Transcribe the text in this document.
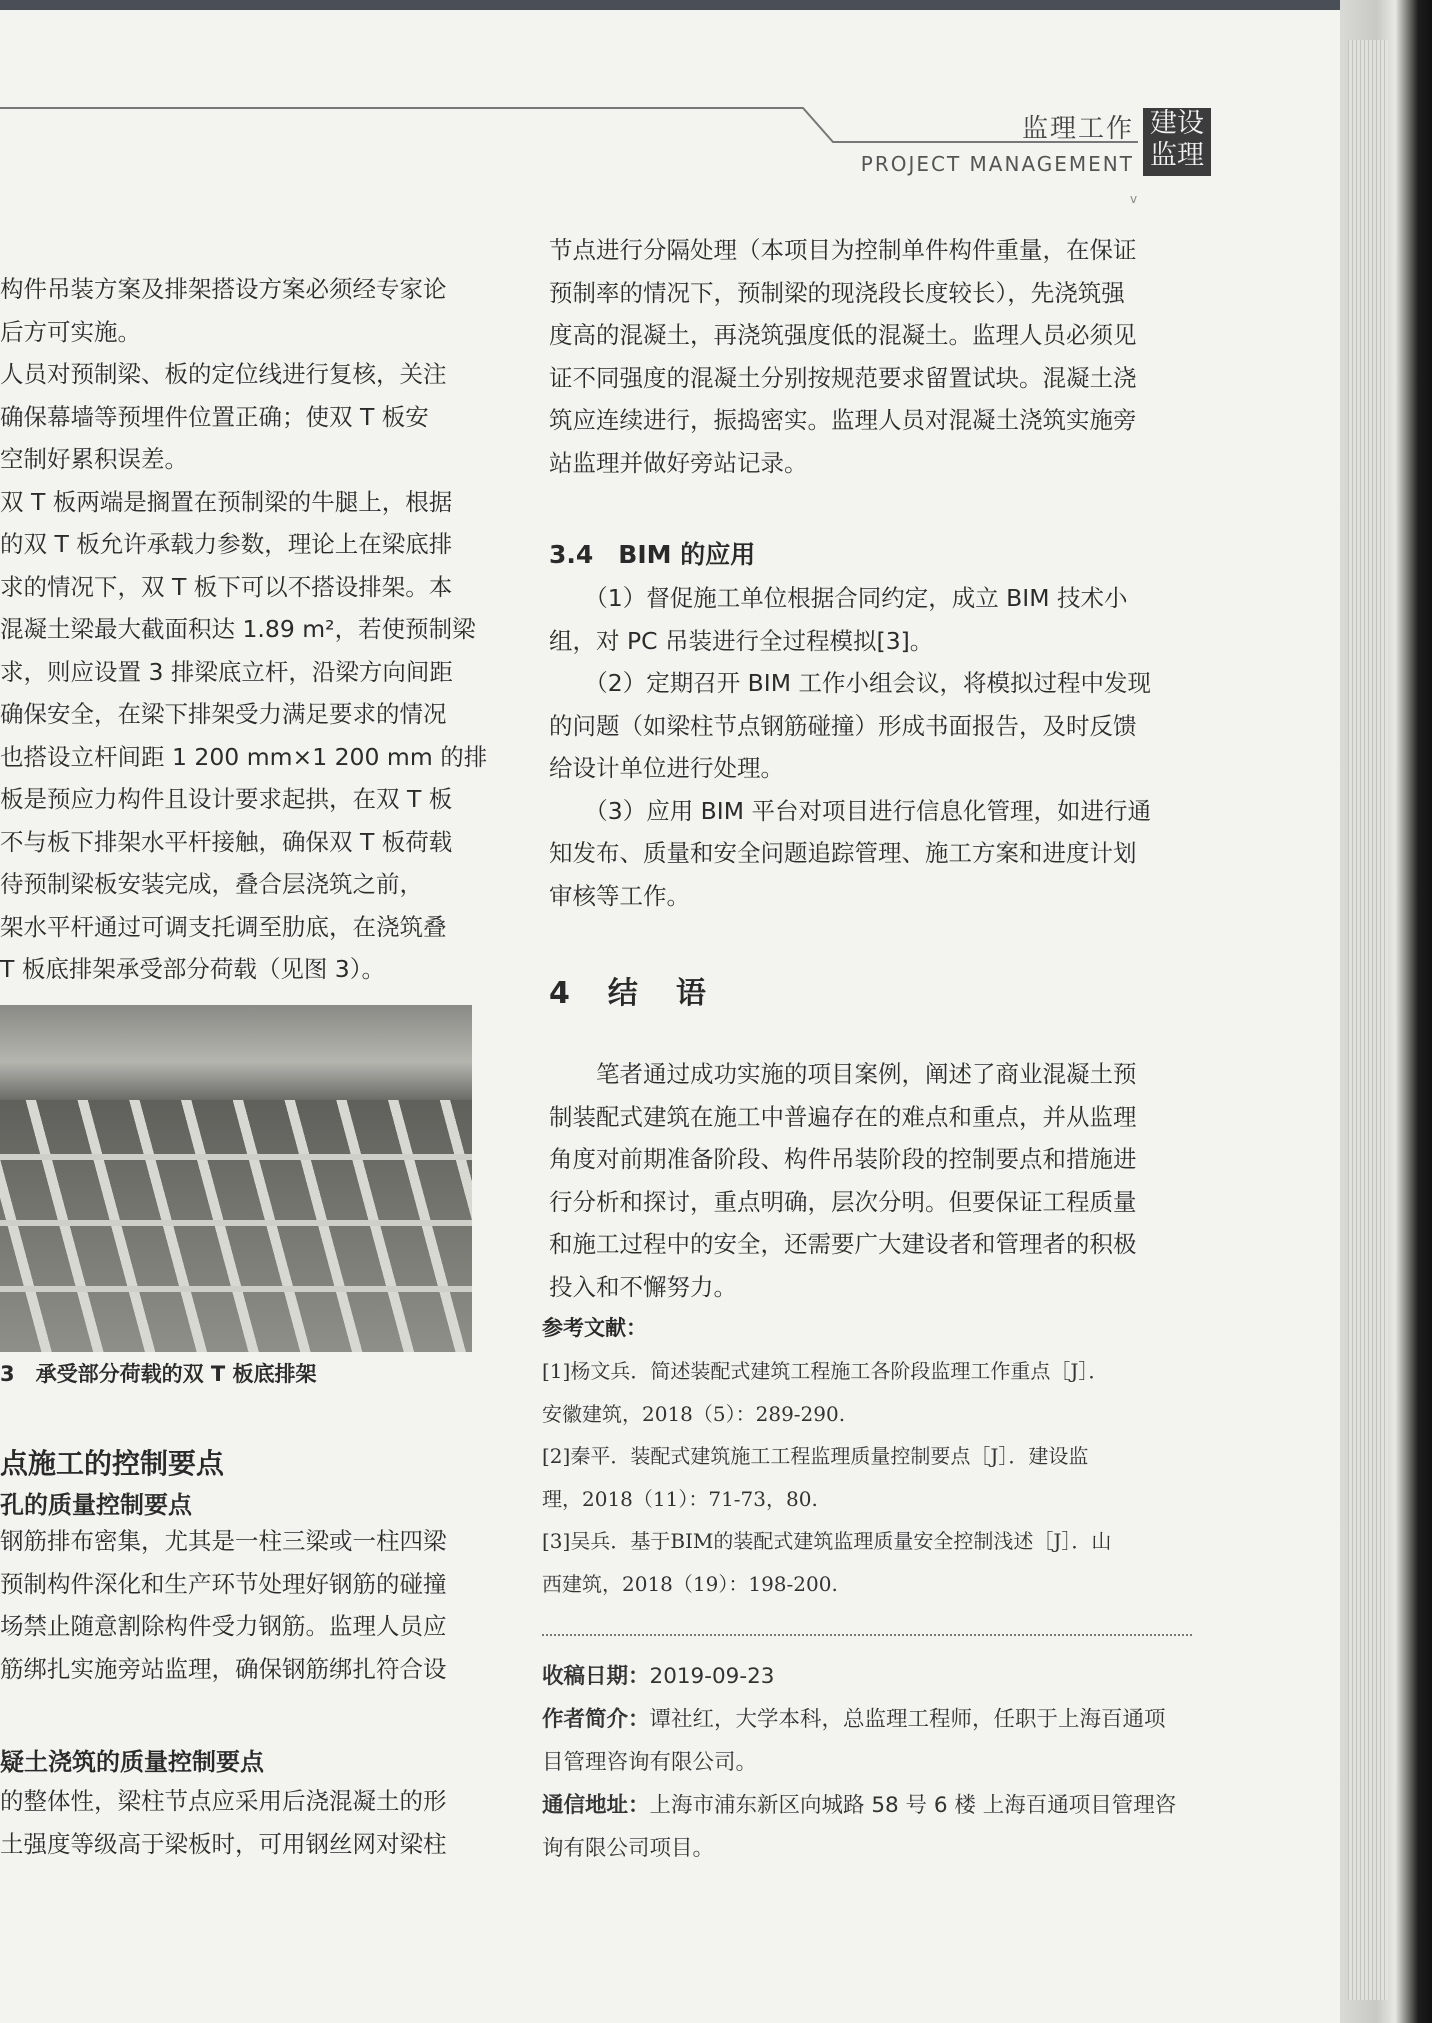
监理工作
PROJECT MANAGEMENT
建设
监理
ⅴ

构件吊装方案及排架搭设方案必须经专家论

后方可实施。

人员对预制梁、板的定位线进行复核，关注

确保幕墙等预埋件位置正确；使双 T 板安

空制好累积误差。

双 T 板两端是搁置在预制梁的牛腿上，根据

的双 T 板允许承载力参数，理论上在梁底排

求的情况下，双 T 板下可以不搭设排架。本

混凝土梁最大截面积达 1.89 m²，若使预制梁

求，则应设置 3 排梁底立杆，沿梁方向间距

确保安全，在梁下排架受力满足要求的情况

也搭设立杆间距 1 200 mm×1 200 mm 的排

板是预应力构件且设计要求起拱，在双 T 板

不与板下排架水平杆接触，确保双 T 板荷载

待预制梁板安装完成，叠合层浇筑之前，

架水平杆通过可调支托调至肋底，在浇筑叠

T 板底排架承受部分荷载（见图 3）。

3　承受部分荷载的双 T 板底排架
点施工的控制要点
孔的质量控制要点

钢筋排布密集，尤其是一柱三梁或一柱四梁

预制构件深化和生产环节处理好钢筋的碰撞

场禁止随意割除构件受力钢筋。监理人员应

筋绑扎实施旁站监理，确保钢筋绑扎符合设

疑土浇筑的质量控制要点

的整体性，梁柱节点应采用后浇混凝土的形

土强度等级高于梁板时，可用钢丝网对梁柱

节点进行分隔处理（本项目为控制单件构件重量，在保证

预制率的情况下，预制梁的现浇段长度较长），先浇筑强

度高的混凝土，再浇筑强度低的混凝土。监理人员必须见

证不同强度的混凝土分别按规范要求留置试块。混凝土浇

筑应连续进行，振捣密实。监理人员对混凝土浇筑实施旁

站监理并做好旁站记录。

3.4　BIM 的应用

　　（1）督促施工单位根据合同约定，成立 BIM 技术小

组，对 PC 吊装进行全过程模拟[3]。

　　（2）定期召开 BIM 工作小组会议，将模拟过程中发现

的问题（如梁柱节点钢筋碰撞）形成书面报告，及时反馈

给设计单位进行处理。

　　（3）应用 BIM 平台对项目进行信息化管理，如进行通

知发布、质量和安全问题追踪管理、施工方案和进度计划

审核等工作。

4　结　语

　　笔者通过成功实施的项目案例，阐述了商业混凝土预

制装配式建筑在施工中普遍存在的难点和重点，并从监理

角度对前期准备阶段、构件吊装阶段的控制要点和措施进

行分析和探讨，重点明确，层次分明。但要保证工程质量

和施工过程中的安全，还需要广大建设者和管理者的积极

投入和不懈努力。

参考文献：

[1]杨文兵．简述装配式建筑工程施工各阶段监理工作重点［J］．

安徽建筑，2018（5）：289-290.

[2]秦平．装配式建筑施工工程监理质量控制要点［J］．建设监

理，2018（11）：71-73，80.

[3]吴兵．基于BIM的装配式建筑监理质量安全控制浅述［J］．山

西建筑，2018（19）：198-200.

收稿日期：2019-09-23

作者简介：谭社红，大学本科，总监理工程师，任职于上海百通项

目管理咨询有限公司。

通信地址：上海市浦东新区向城路 58 号 6 楼 上海百通项目管理咨

询有限公司项目。
